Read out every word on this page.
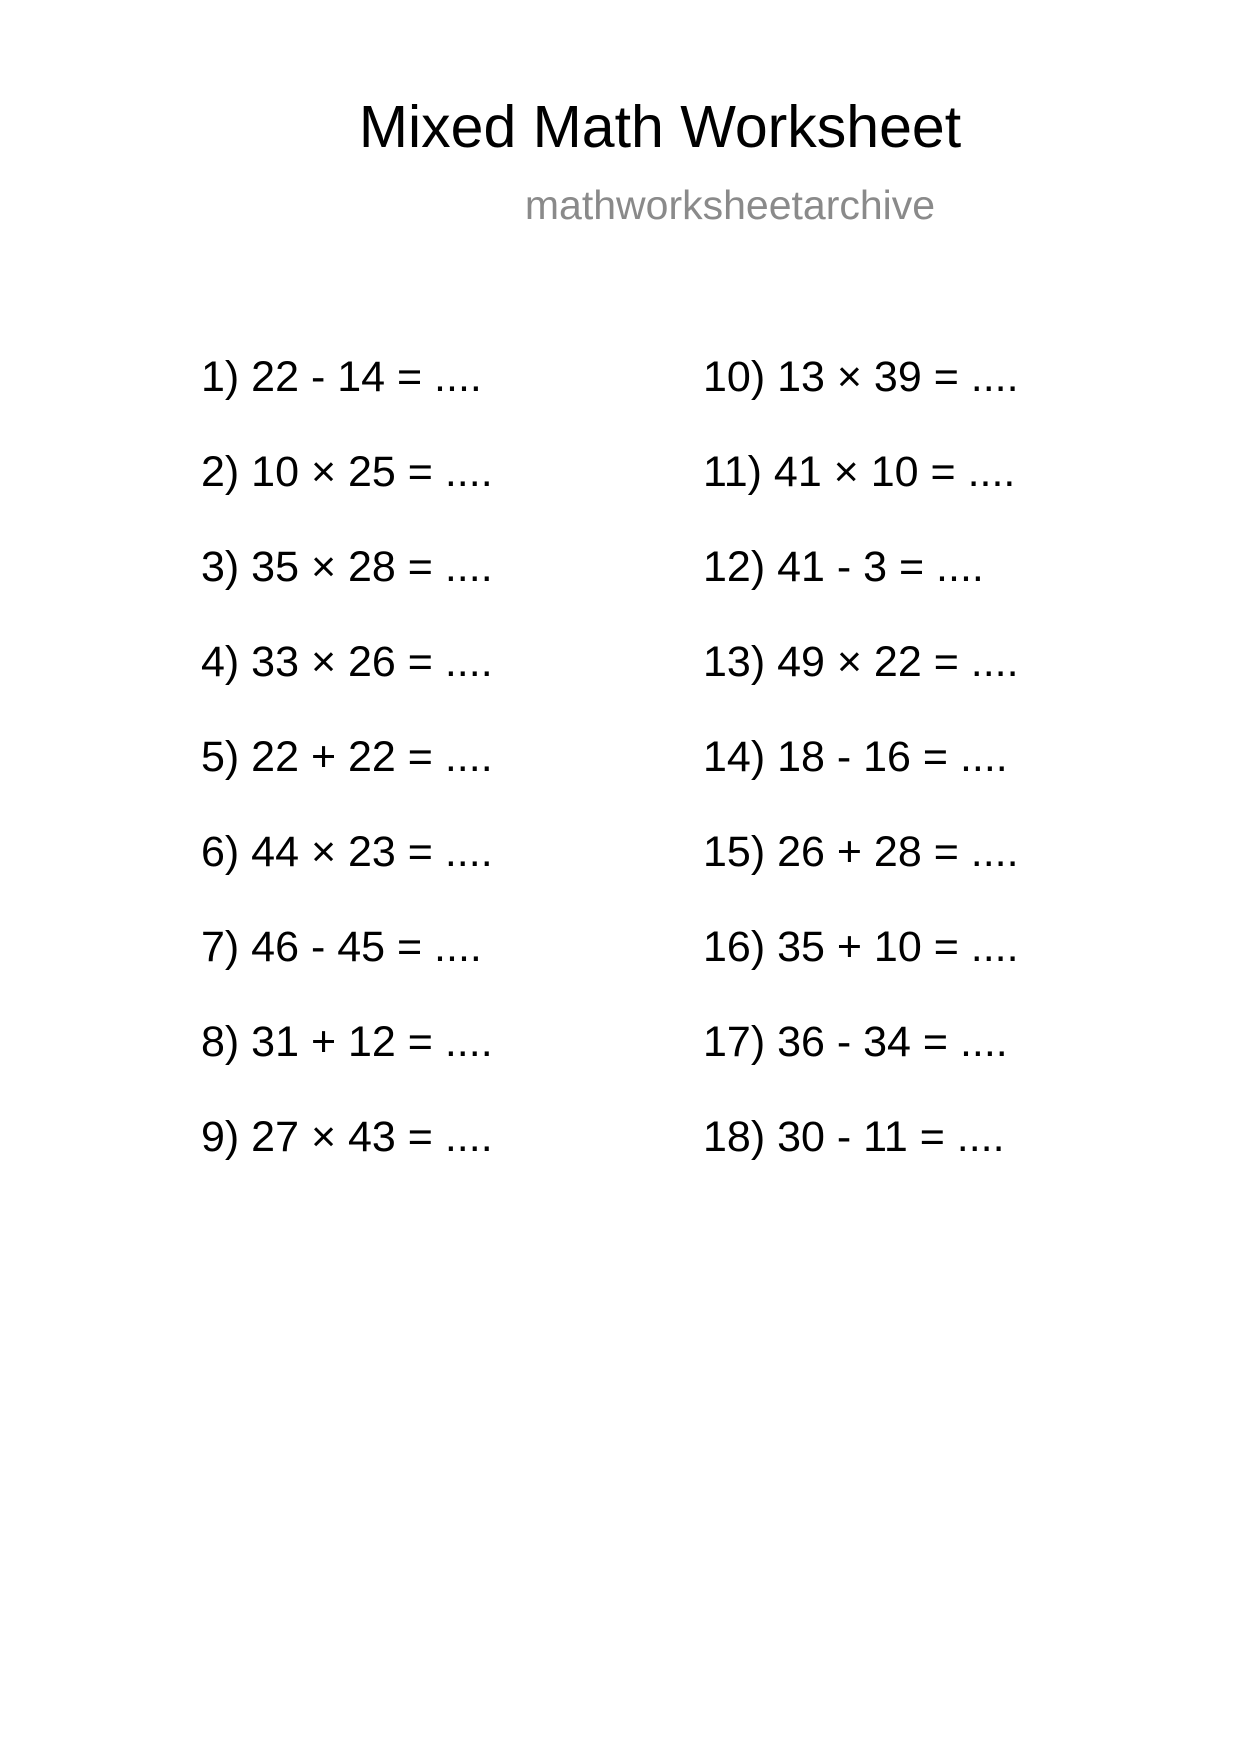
Mixed Math Worksheet
mathworksheetarchive
1) 22 - 14 = ....
2) 10 × 25 = ....
3) 35 × 28 = ....
4) 33 × 26 = ....
5) 22 + 22 = ....
6) 44 × 23 = ....
7) 46 - 45 = ....
8) 31 + 12 = ....
9) 27 × 43 = ....
10) 13 × 39 = ....
11) 41 × 10 = ....
12) 41 - 3 = ....
13) 49 × 22 = ....
14) 18 - 16 = ....
15) 26 + 28 = ....
16) 35 + 10 = ....
17) 36 - 34 = ....
18) 30 - 11 = ....
